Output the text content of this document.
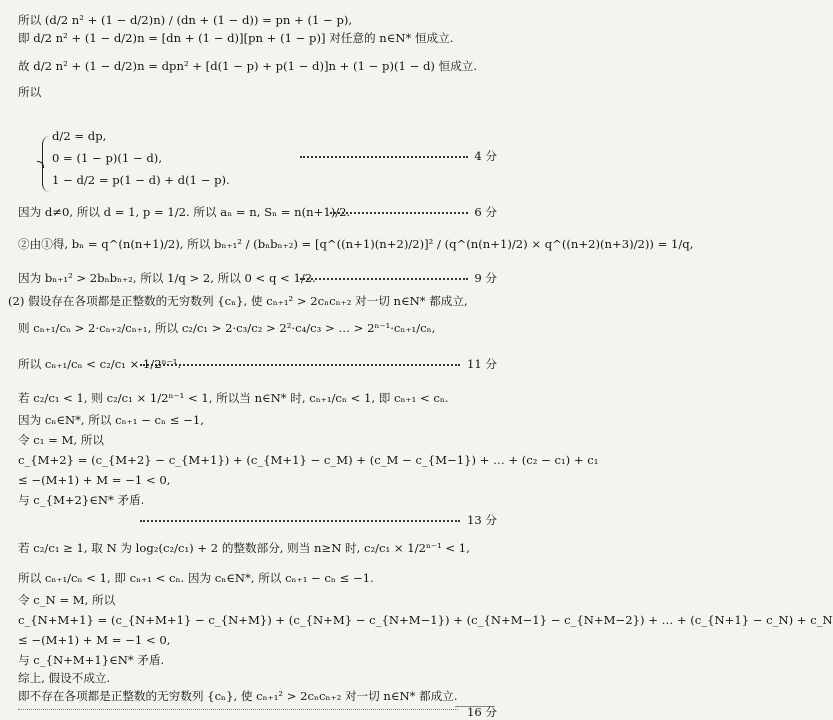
所以 (d/2 n² + (1 − d/2)n) / (dn + (1 − d)) = pn + (1 − p),
即 d/2 n² + (1 − d/2)n = [dn + (1 − d)][pn + (1 − p)] 对任意的 n∈N* 恒成立.
故 d/2 n² + (1 − d/2)n = dpn² + [d(1 − p) + p(1 − d)]n + (1 − p)(1 − d) 恒成立.
所以
d/2 = dp,
0 = (1 − p)(1 − d),
1 − d/2 = p(1 − d) + d(1 − p).
4 分
因为 d≠0, 所以 d = 1, p = 1/2. 所以 aₙ = n, Sₙ = n(n+1)/2.	6 分
②由①得, bₙ = q^(n(n+1)/2), 所以 bₙ₊₁² / (bₙbₙ₊₂) = [q^((n+1)(n+2)/2)]² / (q^(n(n+1)/2) × q^((n+2)(n+3)/2)) = 1/q,
因为 bₙ₊₁² > 2bₙbₙ₊₂, 所以 1/q > 2, 所以 0 < q < 1/2.	9 分
(2) 假设存在各项都是正整数的无穷数列 {cₙ}, 使 cₙ₊₁² > 2cₙcₙ₊₂ 对一切 n∈N* 都成立,
则 cₙ₊₁/cₙ > 2·cₙ₊₂/cₙ₊₁, 所以 c₂/c₁ > 2·c₃/c₂ > 2²·c₄/c₃ > … > 2ⁿ⁻¹·cₙ₊₁/cₙ,
所以 cₙ₊₁/cₙ < c₂/c₁ × 1/2ⁿ⁻¹.	11 分
若 c₂/c₁ < 1, 则 c₂/c₁ × 1/2ⁿ⁻¹ < 1, 所以当 n∈N* 时, cₙ₊₁/cₙ < 1, 即 cₙ₊₁ < cₙ.
因为 cₙ∈N*, 所以 cₙ₊₁ − cₙ ≤ −1,
令 c₁ = M, 所以
c_{M+2} = (c_{M+2} − c_{M+1}) + (c_{M+1} − c_M) + (c_M − c_{M−1}) + … + (c₂ − c₁) + c₁
≤ −(M+1) + M = −1 < 0,
与 c_{M+2}∈N* 矛盾.
13 分
若 c₂/c₁ ≥ 1, 取 N 为 log₂(c₂/c₁) + 2 的整数部分, 则当 n≥N 时, c₂/c₁ × 1/2ⁿ⁻¹ < 1,
所以 cₙ₊₁/cₙ < 1, 即 cₙ₊₁ < cₙ. 因为 cₙ∈N*, 所以 cₙ₊₁ − cₙ ≤ −1.
令 c_N = M, 所以
c_{N+M+1} = (c_{N+M+1} − c_{N+M}) + (c_{N+M} − c_{N+M−1}) + (c_{N+M−1} − c_{N+M−2}) + … + (c_{N+1} − c_N) + c_N
≤ −(M+1) + M = −1 < 0,
与 c_{N+M+1}∈N* 矛盾.
综上, 假设不成立.
即不存在各项都是正整数的无穷数列 {cₙ}, 使 cₙ₊₁² > 2cₙcₙ₊₂ 对一切 n∈N* 都成立.
16 分
